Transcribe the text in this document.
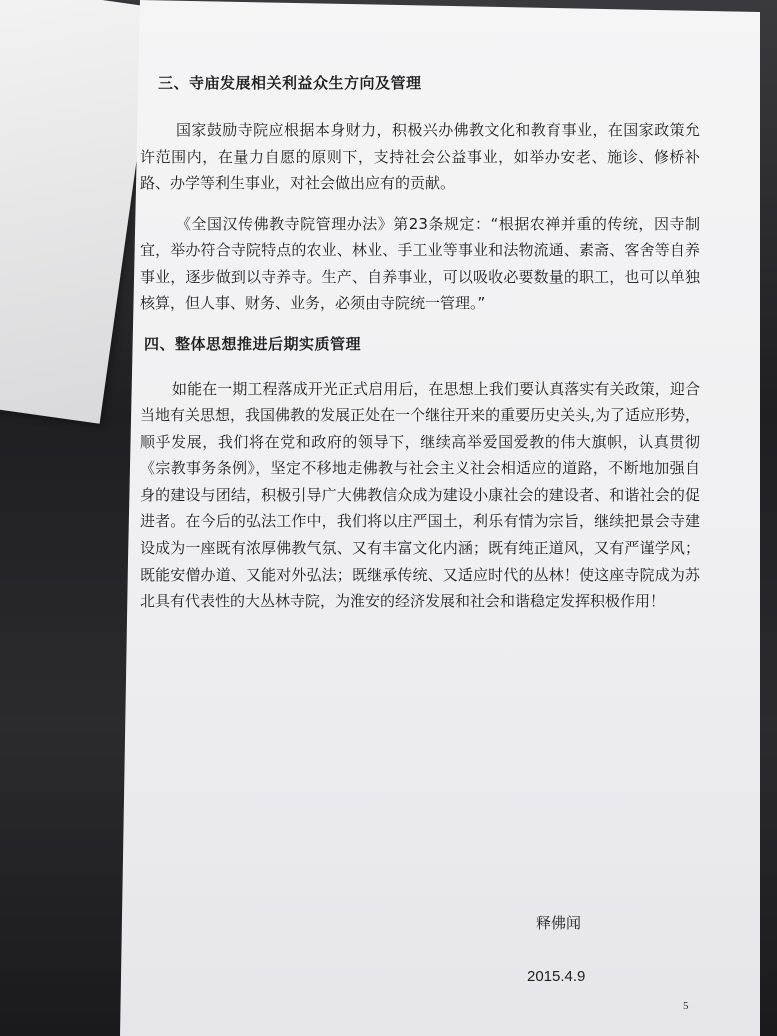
三、寺庙发展相关利益众生方向及管理

国家鼓励寺院应根据本身财力，积极兴办佛教文化和教育事业，在国家政策允许范围内，在量力自愿的原则下，支持社会公益事业，如举办安老、施诊、修桥补路、办学等利生事业，对社会做出应有的贡献。

《全国汉传佛教寺院管理办法》第23条规定：“根据农禅并重的传统，因寺制宜，举办符合寺院特点的农业、林业、手工业等事业和法物流通、素斋、客舍等自养事业，逐步做到以寺养寺。生产、自养事业，可以吸收必要数量的职工，也可以单独核算，但人事、财务、业务，必须由寺院统一管理。”

四、整体思想推进后期实质管理

如能在一期工程落成开光正式启用后，在思想上我们要认真落实有关政策，迎合当地有关思想，我国佛教的发展正处在一个继往开来的重要历史关头,为了适应形势，顺乎发展，我们将在党和政府的领导下，继续高举爱国爱教的伟大旗帜，认真贯彻《宗教事务条例》，坚定不移地走佛教与社会主义社会相适应的道路，不断地加强自身的建设与团结，积极引导广大佛教信众成为建设小康社会的建设者、和谐社会的促进者。在今后的弘法工作中，我们将以庄严国土，利乐有情为宗旨，继续把景会寺建设成为一座既有浓厚佛教气氛、又有丰富文化内涵；既有纯正道风，又有严谨学风；既能安僧办道、又能对外弘法；既继承传统、又适应时代的丛林！使这座寺院成为苏北具有代表性的大丛林寺院，为淮安的经济发展和社会和谐稳定发挥积极作用！

释佛闻
2015.4.9
5
